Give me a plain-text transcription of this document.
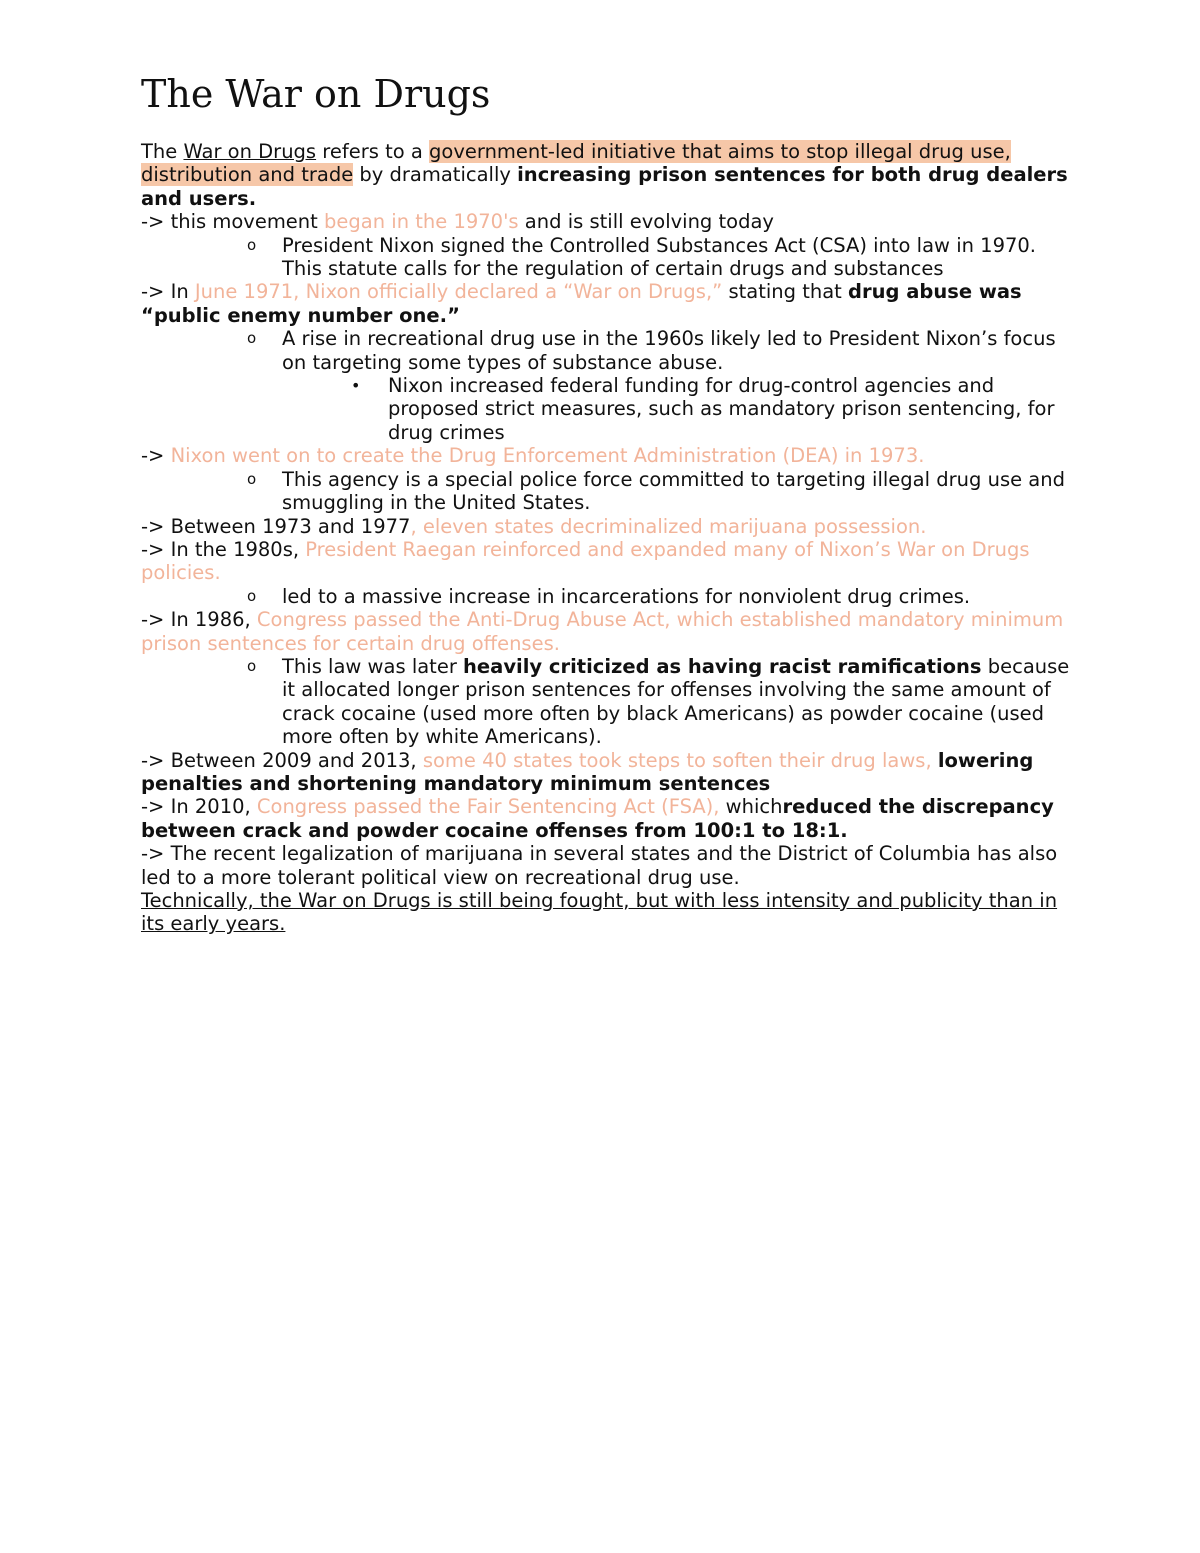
The War on Drugs

The War on Drugs refers to a government-led initiative that aims to stop illegal drug use, distribution and trade by dramatically increasing prison sentences for both drug dealers and users.

-> this movement began in the 1970's and is still evolving today

o President Nixon signed the Controlled Substances Act (CSA) into law in 1970. This statute calls for the regulation of certain drugs and substances

-> In June 1971, Nixon officially declared a “War on Drugs,” stating that drug abuse was “public enemy number one.”

o A rise in recreational drug use in the 1960s likely led to President Nixon’s focus on targeting some types of substance abuse.

• Nixon increased federal funding for drug-control agencies and proposed strict measures, such as mandatory prison sentencing, for drug crimes

-> Nixon went on to create the Drug Enforcement Administration (DEA) in 1973.

o This agency is a special police force committed to targeting illegal drug use and smuggling in the United States.

-> Between 1973 and 1977, eleven states decriminalized marijuana possession.

-> In the 1980s, President Raegan reinforced and expanded many of Nixon’s War on Drugs policies.

o led to a massive increase in incarcerations for nonviolent drug crimes.

-> In 1986, Congress passed the Anti-Drug Abuse Act, which established mandatory minimum prison sentences for certain drug offenses.

o This law was later heavily criticized as having racist ramifications because it allocated longer prison sentences for offenses involving the same amount of crack cocaine (used more often by black Americans) as powder cocaine (used more often by white Americans).

-> Between 2009 and 2013, some 40 states took steps to soften their drug laws, lowering penalties and shortening mandatory minimum sentences

-> In 2010, Congress passed the Fair Sentencing Act (FSA), whichreduced the discrepancy between crack and powder cocaine offenses from 100:1 to 18:1.

-> The recent legalization of marijuana in several states and the District of Columbia has also led to a more tolerant political view on recreational drug use.

Technically, the War on Drugs is still being fought, but with less intensity and publicity than in its early years.
